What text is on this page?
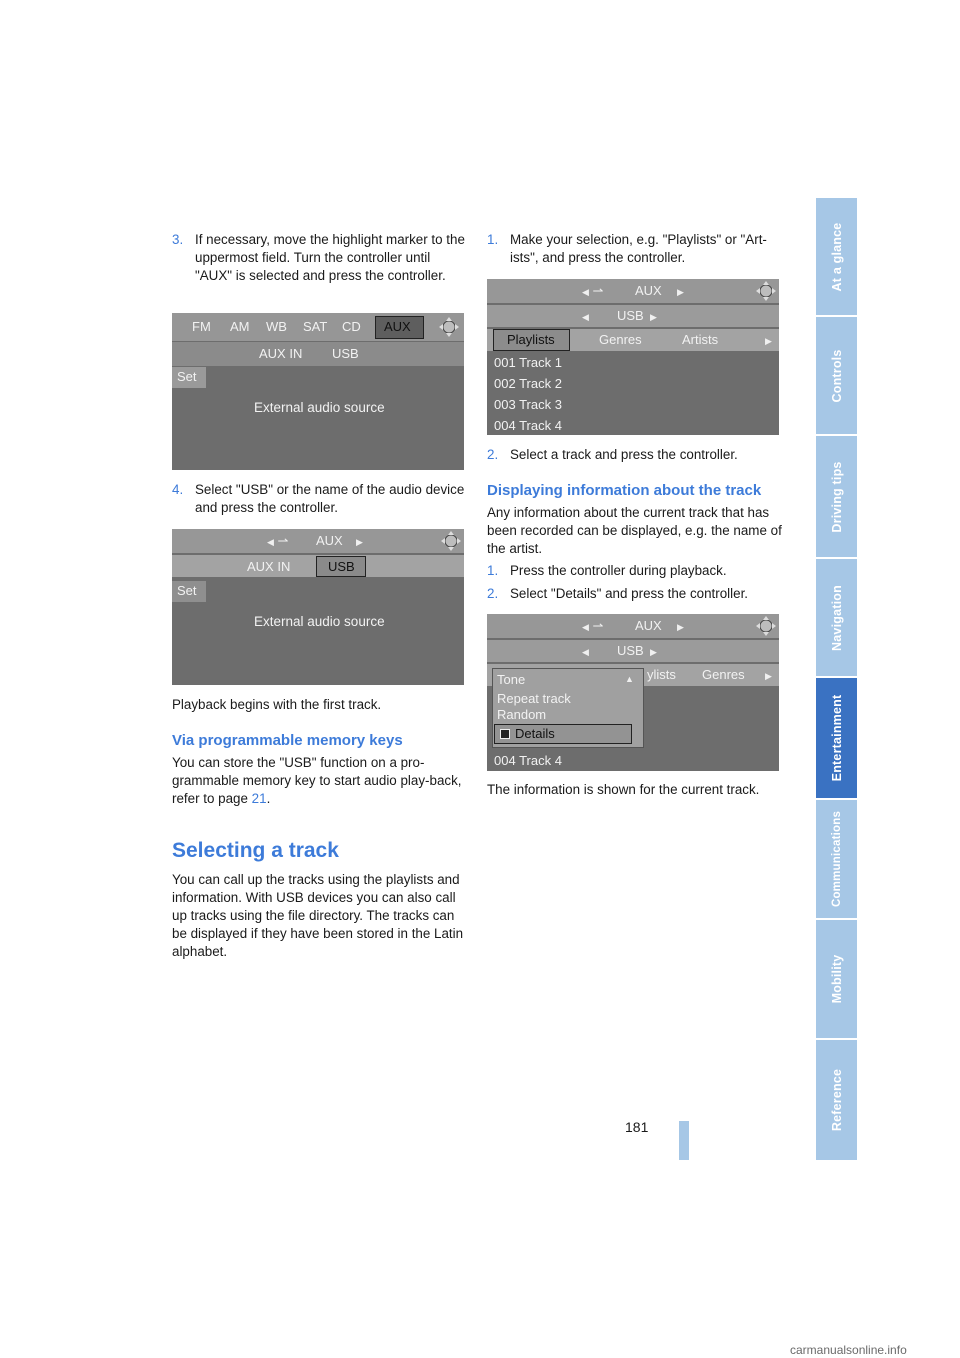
At a glance
Controls
Driving tips
Navigation
Entertainment
Communications
Mobility
Reference
3. If necessary, move the highlight marker to the uppermost field. Turn the controller until "AUX" is selected and press the controller.
FM AM WB SAT CD AUX
AUX IN USB
Set
External audio source
4. Select "USB" or the name of the audio device and press the controller.
◀ ⇀ AUX ▶
AUX IN	USB
Set
External audio source
Playback begins with the first track.
Via programmable memory keys
You can store the "USB" function on a pro-grammable memory key to start audio play-back, refer to page 21.
Selecting a track
You can call up the tracks using the playlists and information. With USB devices you can also call up tracks using the file directory. The tracks can be displayed if they have been stored in the Latin alphabet.
1. Make your selection, e.g. "Playlists" or "Art-ists", and press the controller.
◀ ⇀ AUX ▶
◀ USB ▶
Playlists	Genres	Artists	▶
001 Track 1
002 Track 2
003 Track 3
004 Track 4
2. Select a track and press the controller.
Displaying information about the track
Any information about the current track that has been recorded can be displayed, e.g. the name of the artist.
1. Press the controller during playback.
2. Select "Details" and press the controller.
◀ ⇀ AUX ▶
◀ USB ▶
ylists Genres ▶
Tone	▲
Repeat track
Random
Details
004 Track 4
The information is shown for the current track.
181
carmanualsonline.info
